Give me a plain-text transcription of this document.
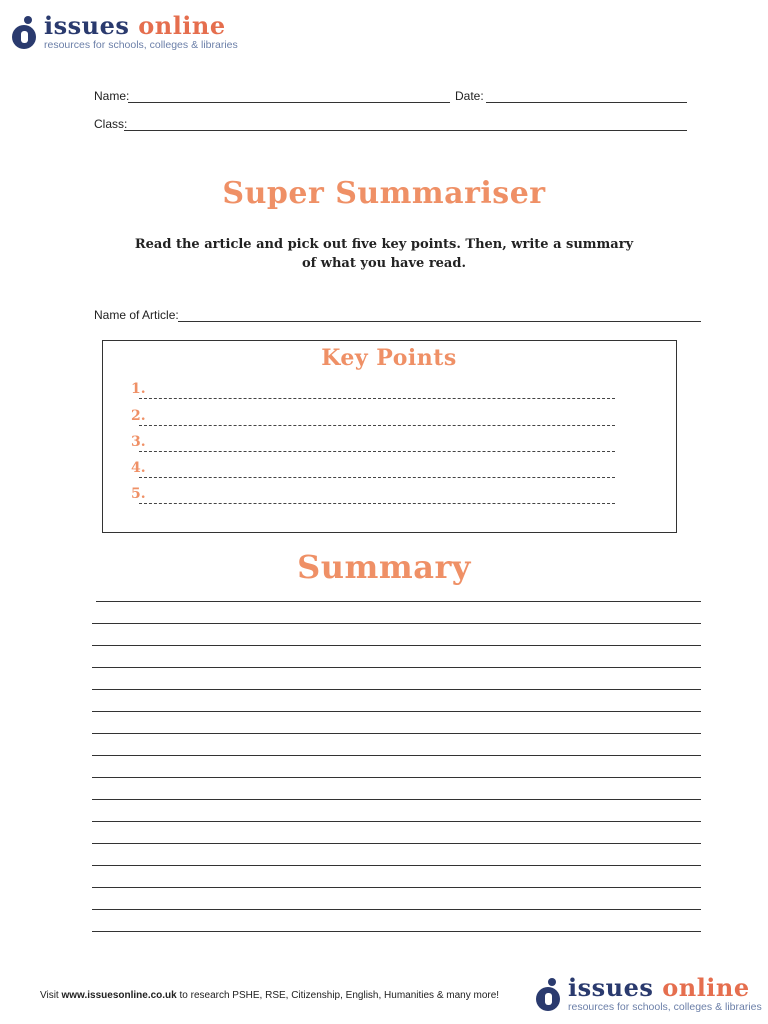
issues online
resources for schools, colleges & libraries
Name:	Date:
Class:
Super Summariser
Read the article and pick out five key points. Then, write a summary
of what you have read.
Name of Article:
Key Points
1.
2.
3.
4.
5.
Summary
Visit www.issuesonline.co.uk to research PSHE, RSE, Citizenship, English, Humanities & many more!	issues online
resources for schools, colleges & libraries
